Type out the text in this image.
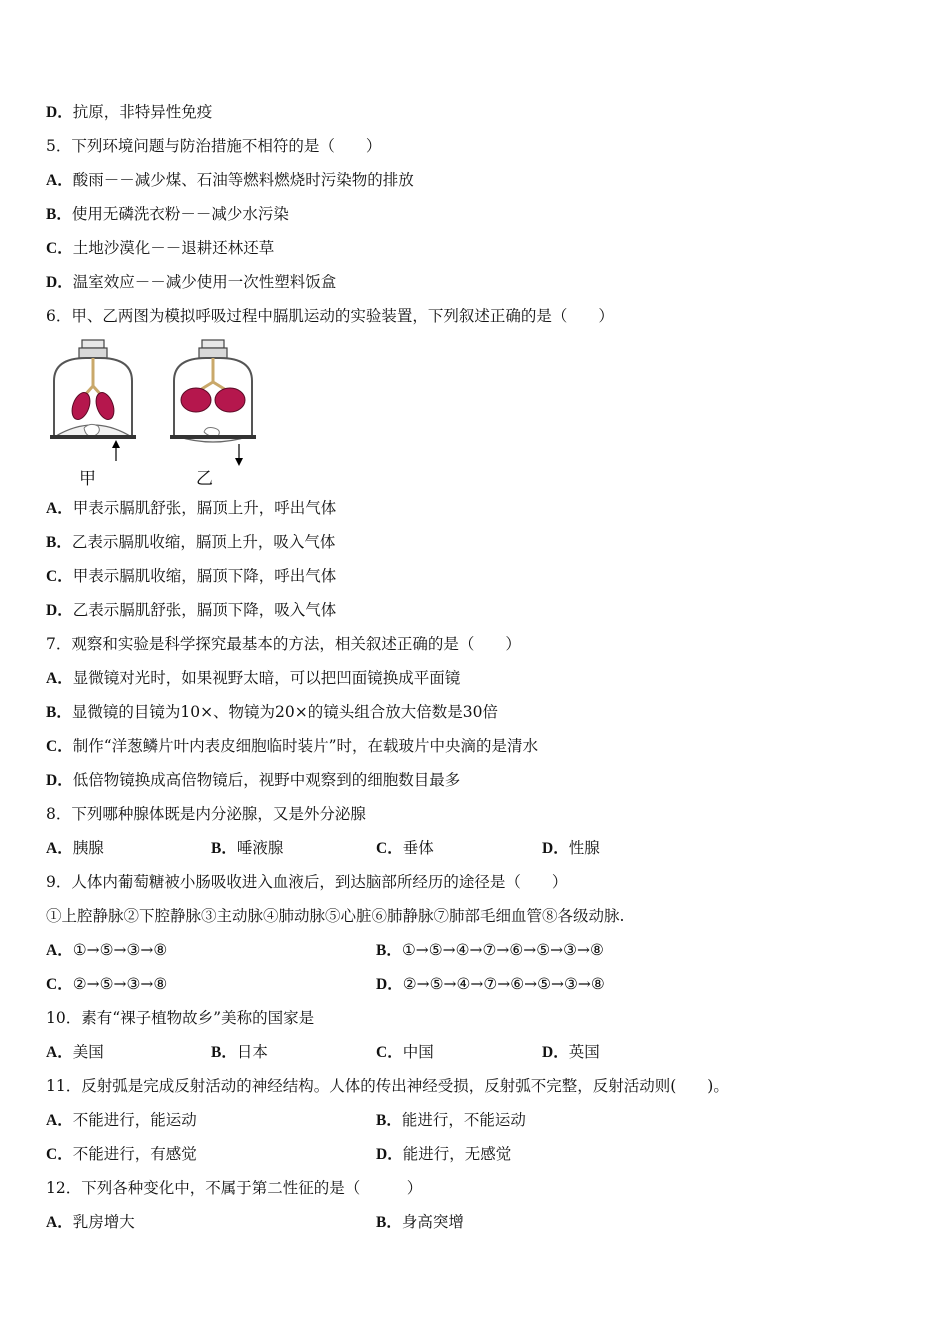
D．抗原，非特异性免疫
5．下列环境问题与防治措施不相符的是（　　）
A．酸雨－－减少煤、石油等燃料燃烧时污染物的排放
B．使用无磷洗衣粉－－减少水污染
C．土地沙漠化－－退耕还林还草
D．温室效应－－减少使用一次性塑料饭盒
6．甲、乙两图为模拟呼吸过程中膈肌运动的实验装置，下列叙述正确的是（　　）
甲	乙
A．甲表示膈肌舒张，膈顶上升，呼出气体
B．乙表示膈肌收缩，膈顶上升，吸入气体
C．甲表示膈肌收缩，膈顶下降，呼出气体
D．乙表示膈肌舒张，膈顶下降，吸入气体
7．观察和实验是科学探究最基本的方法，相关叙述正确的是（　　）
A．显微镜对光时，如果视野太暗，可以把凹面镜换成平面镜
B．显微镜的目镜为10×、物镜为20×的镜头组合放大倍数是30倍
C．制作“洋葱鳞片叶内表皮细胞临时装片”时，在载玻片中央滴的是清水
D．低倍物镜换成高倍物镜后，视野中观察到的细胞数目最多
8．下列哪种腺体既是内分泌腺，又是外分泌腺
A．胰腺	B．唾液腺	C．垂体	D．性腺
9．人体内葡萄糖被小肠吸收进入血液后，到达脑部所经历的途径是（　　）
①上腔静脉②下腔静脉③主动脉④肺动脉⑤心脏⑥肺静脉⑦肺部毛细血管⑧各级动脉.
A．①→⑤→③→⑧	B．①→⑤→④→⑦→⑥→⑤→③→⑧
C．②→⑤→③→⑧	D．②→⑤→④→⑦→⑥→⑤→③→⑧
10．素有“裸子植物故乡”美称的国家是
A．美国	B．日本	C．中国	D．英国
11．反射弧是完成反射活动的神经结构。人体的传出神经受损，反射弧不完整，反射活动则(　　)。
A．不能进行，能运动	B．能进行，不能运动
C．不能进行，有感觉	D．能进行，无感觉
12．下列各种变化中，不属于第二性征的是（　　　）
A．乳房增大	B．身高突增
